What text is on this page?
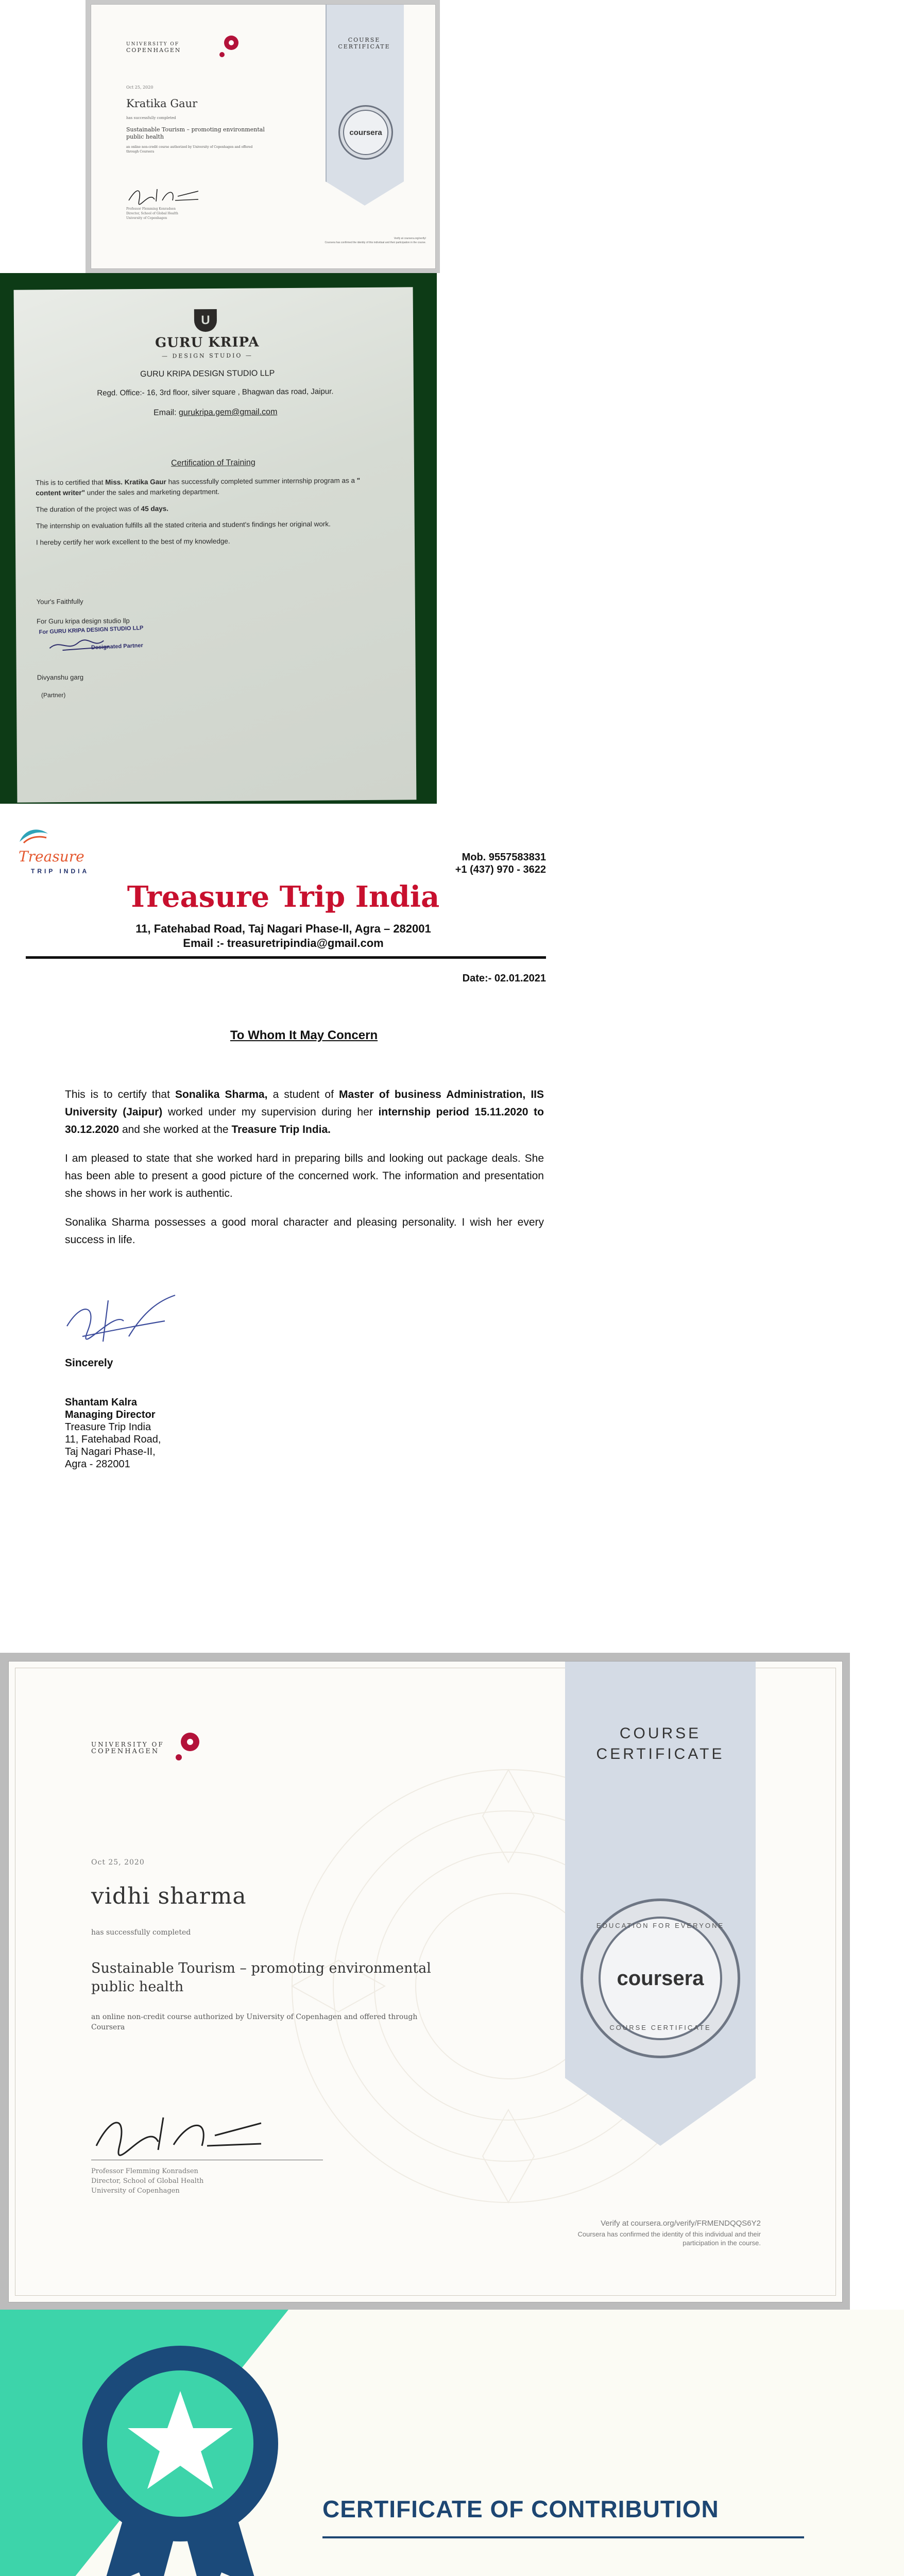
COURSE
CERTIFICATE
coursera
UNIVERSITY OF
COPENHAGEN
Oct 25, 2020
Kratika Gaur
has successfully completed
Sustainable Tourism – promoting environmental
public health
an online non-credit course authorized by University of Copenhagen and offered through Coursera
Professor Flemming Konradsen
Director, School of Global Health
University of Copenhagen
Verify at coursera.org/verify/
Coursera has confirmed the identity of this individual and their participation in the course.
U
GURU KRIPA
— DESIGN STUDIO —
GURU KRIPA DESIGN STUDIO LLP
Regd. Office:- 16, 3rd floor, silver square , Bhagwan das road, Jaipur.
Email: gurukripa.gem@gmail.com
Certification of Training

This is to certified that Miss. Kratika Gaur has successfully completed summer internship program as a " content writer" under the sales and marketing department.

The duration of the project was of 45 days.

The internship on evaluation fulfills all the stated criteria and student's findings her original work.

I hereby certify her work excellent to the best of my knowledge.

Your's Faithfully
For Guru kripa design studio llp
For GURU KRIPA DESIGN STUDIO LLP
Designated Partner
Divyanshu garg
(Partner)
Treasure
TRIP INDIA
Mob. 9557583831
+1 (437) 970 - 3622
Treasure Trip India
11, Fatehabad Road, Taj Nagari Phase-II, Agra – 282001
Email :- treasuretripindia@gmail.com
Date:- 02.01.2021
To Whom It May Concern

This is to certify that Sonalika Sharma, a student of Master of business Administration, IIS University (Jaipur) worked under my supervision during her internship period 15.11.2020 to 30.12.2020 and she worked at the Treasure Trip India.

I am pleased to state that she worked hard in preparing bills and looking out package deals. She has been able to present a good picture of the concerned work. The information and presentation she shows in her work is authentic.

Sonalika Sharma possesses a good moral character and pleasing personality. I wish her every success in life.

Sincerely
Shantam Kalra
Managing Director
Treasure Trip India
11, Fatehabad Road,
Taj Nagari Phase-II,
Agra - 282001
COURSE
CERTIFICATE
EDUCATION FOR EVERYONE
coursera
COURSE CERTIFICATE
UNIVERSITY OF
COPENHAGEN
Oct 25, 2020
vidhi sharma
has successfully completed
Sustainable Tourism – promoting environmental
public health
an online non-credit course authorized by University of Copenhagen and offered through
Coursera
Professor Flemming Konradsen
Director, School of Global Health
University of Copenhagen
Verify at coursera.org/verify/FRMENDQQS6Y2
Coursera has confirmed the identity of this individual and their
participation in the course.
CERTIFICATE OF CONTRIBUTION
